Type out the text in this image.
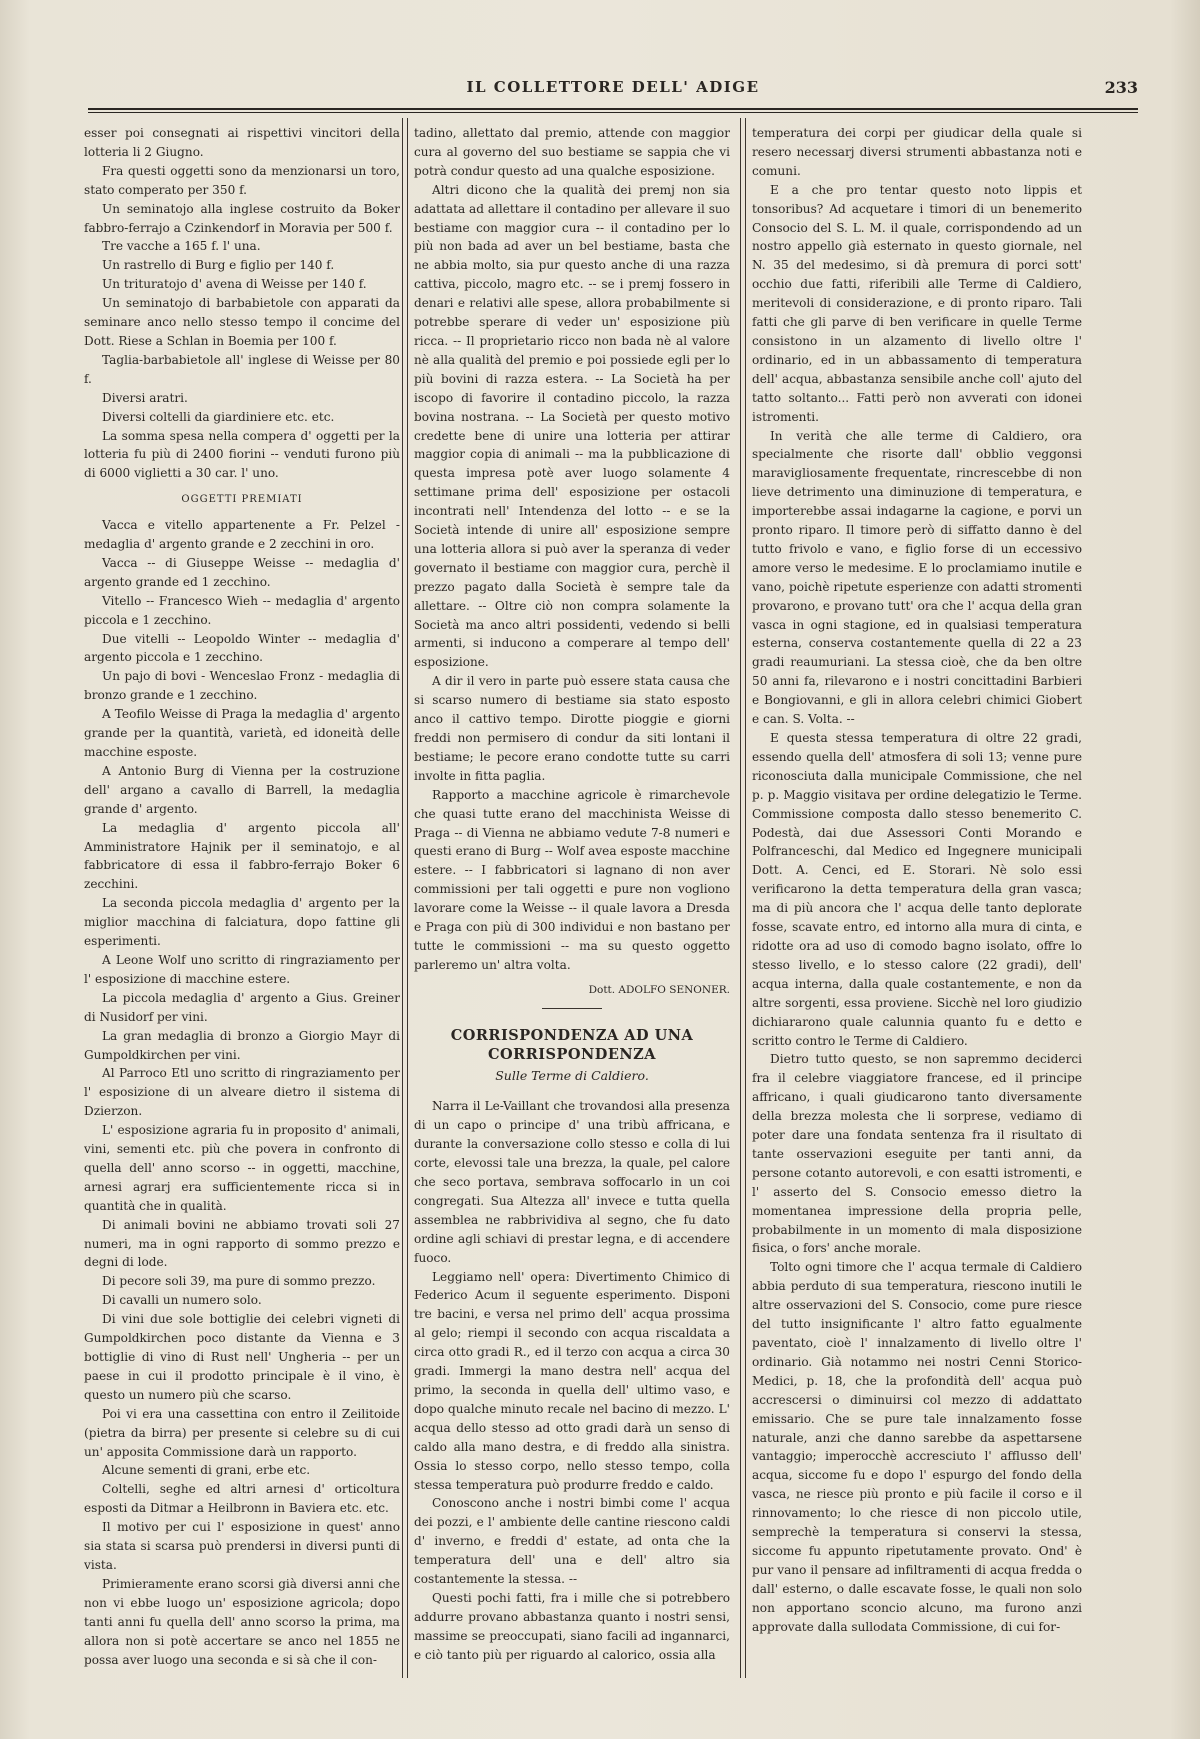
IL COLLETTORE DELL' ADIGE	233

esser poi consegnati ai rispettivi vincitori della lotteria li 2 Giugno.

Fra questi oggetti sono da menzionarsi un toro, stato comperato per 350 f.

Un seminatojo alla inglese costruito da Boker fabbro-ferrajo a Czinkendorf in Moravia per 500 f.

Tre vacche a 165 f. l' una.

Un rastrello di Burg e figlio per 140 f.

Un trituratojo d' avena di Weisse per 140 f.

Un seminatojo di barbabietole con apparati da seminare anco nello stesso tempo il concime del Dott. Riese a Schlan in Boemia per 100 f.

Taglia-barbabietole all' inglese di Weisse per 80 f.

Diversi aratri.

Diversi coltelli da giardiniere etc. etc.

La somma spesa nella compera d' oggetti per la lotteria fu più di 2400 fiorini -- venduti furono più di 6000 viglietti a 30 car. l' uno.

OGGETTI PREMIATI

Vacca e vitello appartenente a Fr. Pelzel - medaglia d' argento grande e 2 zecchini in oro.

Vacca -- di Giuseppe Weisse -- medaglia d' argento grande ed 1 zecchino.

Vitello -- Francesco Wieh -- medaglia d' argento piccola e 1 zecchino.

Due vitelli -- Leopoldo Winter -- medaglia d' argento piccola e 1 zecchino.

Un pajo di bovi - Wenceslao Fronz - medaglia di bronzo grande e 1 zecchino.

A Teofilo Weisse di Praga la medaglia d' argento grande per la quantità, varietà, ed idoneità delle macchine esposte.

A Antonio Burg di Vienna per la costruzione dell' argano a cavallo di Barrell, la medaglia grande d' argento.

La medaglia d' argento piccola all' Amministratore Hajnik per il seminatojo, e al fabbricatore di essa il fabbro-ferrajo Boker 6 zecchini.

La seconda piccola medaglia d' argento per la miglior macchina di falciatura, dopo fattine gli esperimenti.

A Leone Wolf uno scritto di ringraziamento per l' esposizione di macchine estere.

La piccola medaglia d' argento a Gius. Greiner di Nusidorf per vini.

La gran medaglia di bronzo a Giorgio Mayr di Gumpoldkirchen per vini.

Al Parroco Etl uno scritto di ringraziamento per l' esposizione di un alveare dietro il sistema di Dzierzon.

L' esposizione agraria fu in proposito d' animali, vini, sementi etc. più che povera in confronto di quella dell' anno scorso -- in oggetti, macchine, arnesi agrarj era sufficientemente ricca si in quantità che in qualità.

Di animali bovini ne abbiamo trovati soli 27 numeri, ma in ogni rapporto di sommo prezzo e degni di lode.

Di pecore soli 39, ma pure di sommo prezzo.

Di cavalli un numero solo.

Di vini due sole bottiglie dei celebri vigneti di Gumpoldkirchen poco distante da Vienna e 3 bottiglie di vino di Rust nell' Ungheria -- per un paese in cui il prodotto principale è il vino, è questo un numero più che scarso.

Poi vi era una cassettina con entro il Zeilitoide (pietra da birra) per presente si celebre su di cui un' apposita Commissione darà un rapporto.

Alcune sementi di grani, erbe etc.

Coltelli, seghe ed altri arnesi d' orticoltura esposti da Ditmar a Heilbronn in Baviera etc. etc.

Il motivo per cui l' esposizione in quest' anno sia stata si scarsa può prendersi in diversi punti di vista.

Primieramente erano scorsi già diversi anni che non vi ebbe luogo un' esposizione agricola; dopo tanti anni fu quella dell' anno scorso la prima, ma allora non si potè accertare se anco nel 1855 ne possa aver luogo una seconda e si sà che il con-

tadino, allettato dal premio, attende con maggior cura al governo del suo bestiame se sappia che vi potrà condur questo ad una qualche esposizione.

Altri dicono che la qualità dei premj non sia adattata ad allettare il contadino per allevare il suo bestiame con maggior cura -- il contadino per lo più non bada ad aver un bel bestiame, basta che ne abbia molto, sia pur questo anche di una razza cattiva, piccolo, magro etc. -- se i premj fossero in denari e relativi alle spese, allora probabilmente si potrebbe sperare di veder un' esposizione più ricca. -- Il proprietario ricco non bada nè al valore nè alla qualità del premio e poi possiede egli per lo più bovini di razza estera. -- La Società ha per iscopo di favorire il contadino piccolo, la razza bovina nostrana. -- La Società per questo motivo credette bene di unire una lotteria per attirar maggior copia di animali -- ma la pubblicazione di questa impresa potè aver luogo solamente 4 settimane prima dell' esposizione per ostacoli incontrati nell' Intendenza del lotto -- e se la Società intende di unire all' esposizione sempre una lotteria allora si può aver la speranza di veder governato il bestiame con maggior cura, perchè il prezzo pagato dalla Società è sempre tale da allettare. -- Oltre ciò non compra solamente la Società ma anco altri possidenti, vedendo si belli armenti, si inducono a comperare al tempo dell' esposizione.

A dir il vero in parte può essere stata causa che si scarso numero di bestiame sia stato esposto anco il cattivo tempo. Dirotte pioggie e giorni freddi non permisero di condur da siti lontani il bestiame; le pecore erano condotte tutte su carri involte in fitta paglia.

Rapporto a macchine agricole è rimarchevole che quasi tutte erano del macchinista Weisse di Praga -- di Vienna ne abbiamo vedute 7-8 numeri e questi erano di Burg -- Wolf avea esposte macchine estere. -- I fabbricatori si lagnano di non aver commissioni per tali oggetti e pure non vogliono lavorare come la Weisse -- il quale lavora a Dresda e Praga con più di 300 individui e non bastano per tutte le commissioni -- ma su questo oggetto parleremo un' altra volta.

Dott. ADOLFO SENONER.

CORRISPONDENZA AD UNA CORRISPONDENZA

Sulle Terme di Caldiero.

Narra il Le-Vaillant che trovandosi alla presenza di un capo o principe d' una tribù affricana, e durante la conversazione collo stesso e colla di lui corte, elevossi tale una brezza, la quale, pel calore che seco portava, sembrava soffocarlo in un coi congregati. Sua Altezza all' invece e tutta quella assemblea ne rabbrividiva al segno, che fu dato ordine agli schiavi di prestar legna, e di accendere fuoco.

Leggiamo nell' opera: Divertimento Chimico di Federico Acum il seguente esperimento. Disponi tre bacini, e versa nel primo dell' acqua prossima al gelo; riempi il secondo con acqua riscaldata a circa otto gradi R., ed il terzo con acqua a circa 30 gradi. Immergi la mano destra nell' acqua del primo, la seconda in quella dell' ultimo vaso, e dopo qualche minuto recale nel bacino di mezzo. L' acqua dello stesso ad otto gradi darà un senso di caldo alla mano destra, e di freddo alla sinistra. Ossia lo stesso corpo, nello stesso tempo, colla stessa temperatura può produrre freddo e caldo.

Conoscono anche i nostri bimbi come l' acqua dei pozzi, e l' ambiente delle cantine riescono caldi d' inverno, e freddi d' estate, ad onta che la temperatura dell' una e dell' altro sia costantemente la stessa. --

Questi pochi fatti, fra i mille che si potrebbero addurre provano abbastanza quanto i nostri sensi, massime se preoccupati, siano facili ad ingannarci, e ciò tanto più per riguardo al calorico, ossia alla

temperatura dei corpi per giudicar della quale si resero necessarj diversi strumenti abbastanza noti e comuni.

E a che pro tentar questo noto lippis et tonsoribus? Ad acquetare i timori di un benemerito Consocio del S. L. M. il quale, corrispondendo ad un nostro appello già esternato in questo giornale, nel N. 35 del medesimo, si dà premura di porci sott' occhio due fatti, riferibili alle Terme di Caldiero, meritevoli di considerazione, e di pronto riparo. Tali fatti che gli parve di ben verificare in quelle Terme consistono in un alzamento di livello oltre l' ordinario, ed in un abbassamento di temperatura dell' acqua, abbastanza sensibile anche coll' ajuto del tatto soltanto... Fatti però non avverati con idonei istromenti.

In verità che alle terme di Caldiero, ora specialmente che risorte dall' obblio veggonsi maravigliosamente frequentate, rincrescebbe di non lieve detrimento una diminuzione di temperatura, e importerebbe assai indagarne la cagione, e porvi un pronto riparo. Il timore però di siffatto danno è del tutto frivolo e vano, e figlio forse di un eccessivo amore verso le medesime. E lo proclamiamo inutile e vano, poichè ripetute esperienze con adatti stromenti provarono, e provano tutt' ora che l' acqua della gran vasca in ogni stagione, ed in qualsiasi temperatura esterna, conserva costantemente quella di 22 a 23 gradi reaumuriani. La stessa cioè, che da ben oltre 50 anni fa, rilevarono e i nostri concittadini Barbieri e Bongiovanni, e gli in allora celebri chimici Giobert e can. S. Volta. --

E questa stessa temperatura di oltre 22 gradi, essendo quella dell' atmosfera di soli 13; venne pure riconosciuta dalla municipale Commissione, che nel p. p. Maggio visitava per ordine delegatizio le Terme. Commissione composta dallo stesso benemerito C. Podestà, dai due Assessori Conti Morando e Polfranceschi, dal Medico ed Ingegnere municipali Dott. A. Cenci, ed E. Storari. Nè solo essi verificarono la detta temperatura della gran vasca; ma di più ancora che l' acqua delle tanto deplorate fosse, scavate entro, ed intorno alla mura di cinta, e ridotte ora ad uso di comodo bagno isolato, offre lo stesso livello, e lo stesso calore (22 gradi), dell' acqua interna, dalla quale costantemente, e non da altre sorgenti, essa proviene. Sicchè nel loro giudizio dichiararono quale calunnia quanto fu e detto e scritto contro le Terme di Caldiero.

Dietro tutto questo, se non sapremmo deciderci fra il celebre viaggiatore francese, ed il principe affricano, i quali giudicarono tanto diversamente della brezza molesta che li sorprese, vediamo di poter dare una fondata sentenza fra il risultato di tante osservazioni eseguite per tanti anni, da persone cotanto autorevoli, e con esatti istromenti, e l' asserto del S. Consocio emesso dietro la momentanea impressione della propria pelle, probabilmente in un momento di mala disposizione fisica, o fors' anche morale.

Tolto ogni timore che l' acqua termale di Caldiero abbia perduto di sua temperatura, riescono inutili le altre osservazioni del S. Consocio, come pure riesce del tutto insignificante l' altro fatto egualmente paventato, cioè l' innalzamento di livello oltre l' ordinario. Già notammo nei nostri Cenni Storico-Medici, p. 18, che la profondità dell' acqua può accrescersi o diminuirsi col mezzo di addattato emissario. Che se pure tale innalzamento fosse naturale, anzi che danno sarebbe da aspettarsene vantaggio; imperocchè accresciuto l' afflusso dell' acqua, siccome fu e dopo l' espurgo del fondo della vasca, ne riesce più pronto e più facile il corso e il rinnovamento; lo che riesce di non piccolo utile, semprechè la temperatura si conservi la stessa, siccome fu appunto ripetutamente provato. Ond' è pur vano il pensare ad infiltramenti di acqua fredda o dall' esterno, o dalle escavate fosse, le quali non solo non apportano sconcio alcuno, ma furono anzi approvate dalla sullodata Commissione, di cui for-
